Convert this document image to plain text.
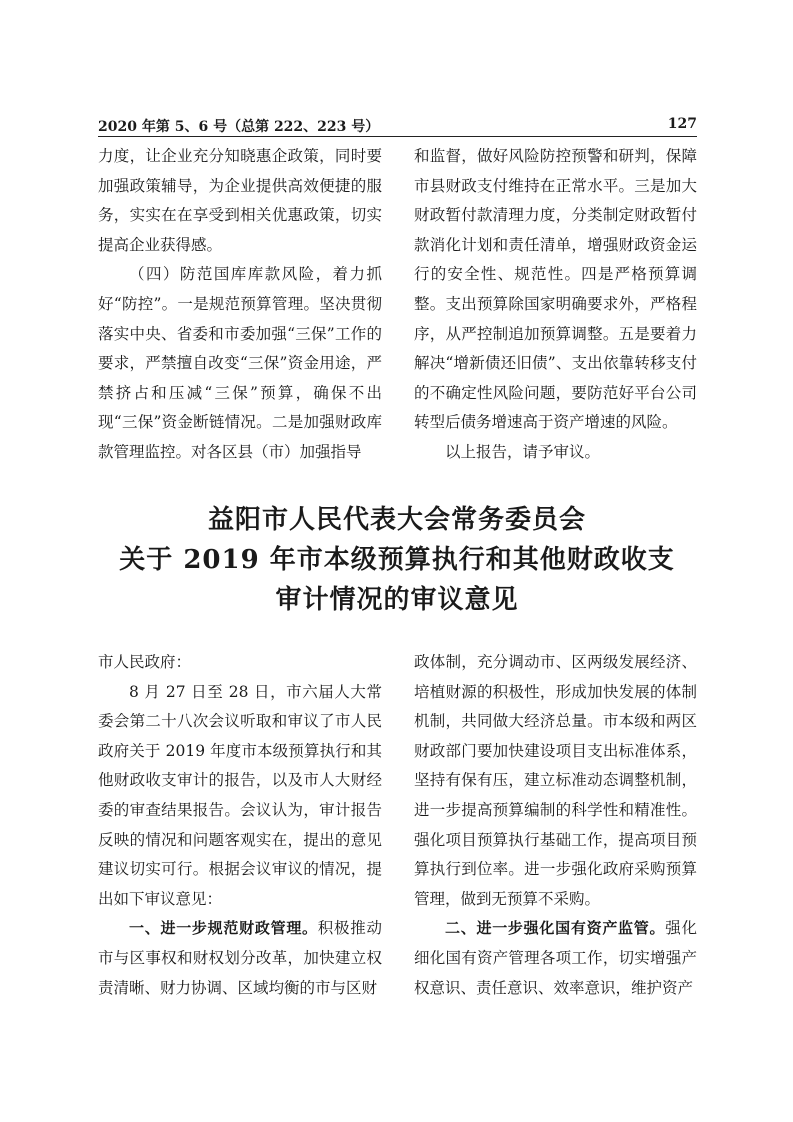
2020 年第 5、6 号（总第 222、223 号）	127

力度，让企业充分知晓惠企政策，同时要加强政策辅导，为企业提供高效便捷的服务，实实在在享受到相关优惠政策，切实提高企业获得感。

（四）防范国库库款风险，着力抓好“防控”。一是规范预算管理。坚决贯彻落实中央、省委和市委加强“三保”工作的要求，严禁擅自改变“三保”资金用途，严禁挤占和压减“三保”预算，确保不出现“三保”资金断链情况。二是加强财政库款管理监控。对各区县（市）加强指导

和监督，做好风险防控预警和研判，保障市县财政支付维持在正常水平。三是加大财政暂付款清理力度，分类制定财政暂付款消化计划和责任清单，增强财政资金运行的安全性、规范性。四是严格预算调整。支出预算除国家明确要求外，严格程序，从严控制追加预算调整。五是要着力解决“增新债还旧债”、支出依靠转移支付的不确定性风险问题，要防范好平台公司转型后债务增速高于资产增速的风险。

以上报告，请予审议。

益阳市人民代表大会常务委员会
关于 2019 年市本级预算执行和其他财政收支
审计情况的审议意见

市人民政府：

8 月 27 日至 28 日，市六届人大常委会第二十八次会议听取和审议了市人民政府关于 2019 年度市本级预算执行和其他财政收支审计的报告，以及市人大财经委的审查结果报告。会议认为，审计报告反映的情况和问题客观实在，提出的意见建议切实可行。根据会议审议的情况，提出如下审议意见：

一、进一步规范财政管理。积极推动市与区事权和财权划分改革，加快建立权责清晰、财力协调、区域均衡的市与区财

政体制，充分调动市、区两级发展经济、培植财源的积极性，形成加快发展的体制机制，共同做大经济总量。市本级和两区财政部门要加快建设项目支出标准体系，坚持有保有压，建立标准动态调整机制，进一步提高预算编制的科学性和精准性。强化项目预算执行基础工作，提高项目预算执行到位率。进一步强化政府采购预算管理，做到无预算不采购。

二、进一步强化国有资产监管。强化细化国有资产管理各项工作，切实增强产权意识、责任意识、效率意识，维护资产
